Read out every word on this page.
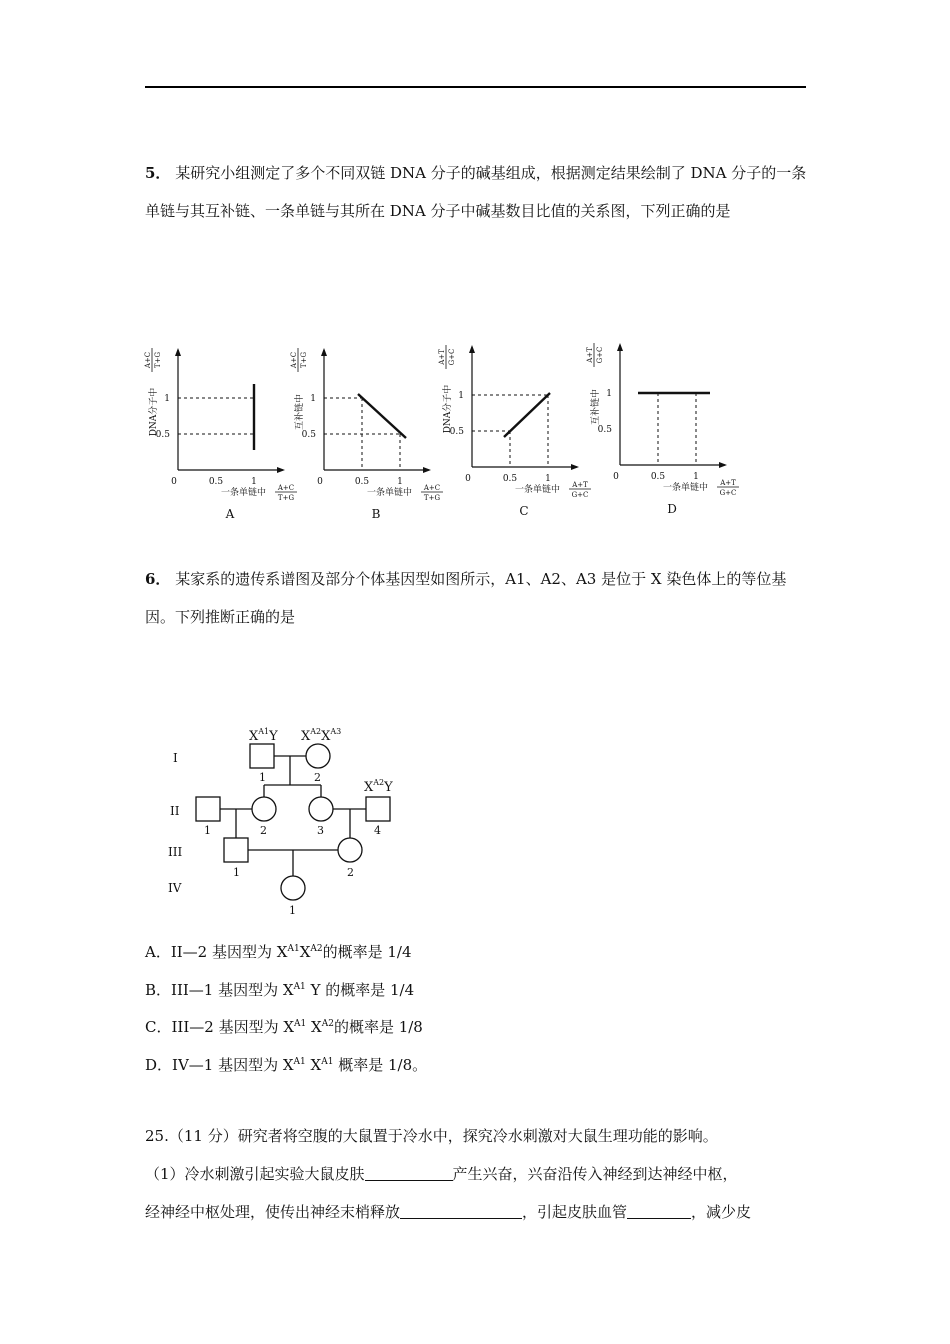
5． 某研究小组测定了多个不同双链 DNA 分子的碱基组成，根据测定结果绘制了 DNA 分子的一条单链与其互补链、一条单链与其所在 DNA 分子中碱基数目比值的关系图，下列正确的是
0	0.5	1
0.5
1
DNA分子中
A+C T+G
一条单链中 A+C
T+G
A
0	0.5	1
0.5
1
互补链中
A+C T+G
一条单链中 A+C
T+G
B
0	0.5	1
0.5
1
DNA分子中
A+T G+C
一条单链中 A+T
G+C
C
0	0.5	1
0.5
1
互补链中
A+T G+C
一条单链中 A+T
G+C
D
6． 某家系的遗传系谱图及部分个体基因型如图所示，A1、A2、A3 是位于 X 染色体上的等位基因。下列推断正确的是
I
II
III
IV
$X^{A1}Y$ $X^{A2}X^{A3}$
$X^{A2}Y$
1	2
1	2	3	4
1	2
1
A．II—2 基因型为 $X^{A1}X^{A2}$的概率是 1/4
B．III—1 基因型为 $X^{A1}$ Y 的概率是 1/4
C．III—2 基因型为 $X^{A1}$ $X^{A2}$的概率是 1/8
D．IV—1 基因型为 $X^{A1}$ $X^{A1}$ 概率是 1/8。
25.（11 分）研究者将空腹的大鼠置于冷水中，探究冷水刺激对大鼠生理功能的影响。
（1）冷水刺激引起实验大鼠皮肤	产生兴奋，兴奋沿传入神经到达神经中枢，
经神经中枢处理，使传出神经末梢释放	，引起皮肤血管	，减少皮
